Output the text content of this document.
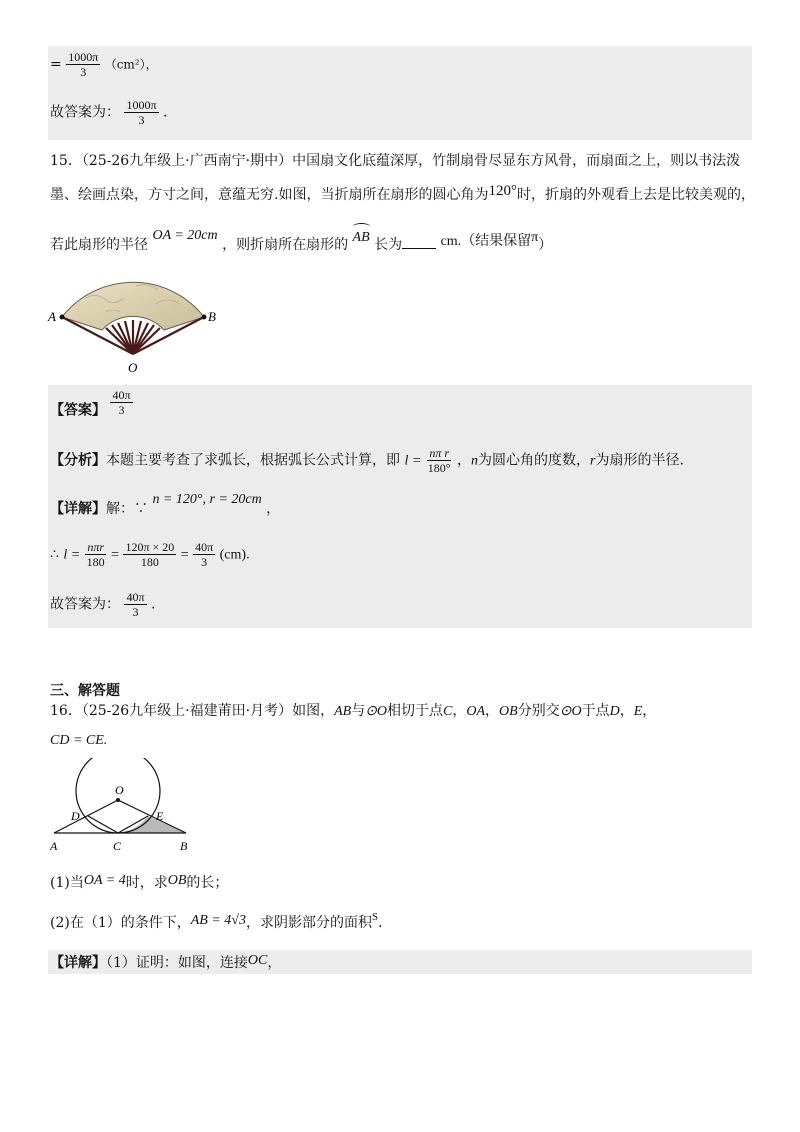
= $\frac{1000\pi}{3} (cm^2)$，
故答案为： $\frac{1000\pi}{3}$ .
15．（25-26九年级上·广西南宁·期中）中国扇文化底蕴深厚，竹制扇骨尽显东方风骨，而扇面之上，则以书法泼
墨、绘画点染，方寸之间，意蕴无穷.如图，当折扇所在扇形的圆心角为120°时，折扇的外观看上去是比较美观的，
若此扇形的半径 OA = 20cm ，则折扇所在扇形的 AB 长为	cm.（结果保留π）
A	B
O
【答案】 $\frac{40\pi}{3}$
【分析】本题主要考查了求弧长，根据弧长公式计算，即 $l = \frac{\text{nπ r}}{180^\circ}$ ，n为圆心角的度数，r为扇形的半径.
【详解】解：∵ n = 120°, r = 20cm ，
∴ $l = \frac{\text{nπr}}{180} = \frac{120\pi \times 20}{180} = \frac{40\pi}{3} (cm)$.
故答案为： $\frac{40\pi}{3}$ .
三、解答题
16．（25-26九年级上·福建莆田·月考）如图，AB与⊙O相切于点C，OA，OB分别交⊙O于点D，E，
CD = CE.
O
D	E
A	C	B
(1)当OA = 4时，求OB的长；
(2)在（1）的条件下，AB = 4√3，求阴影部分的面积$^S$.
【详解】（1）证明：如图，连接OC，
